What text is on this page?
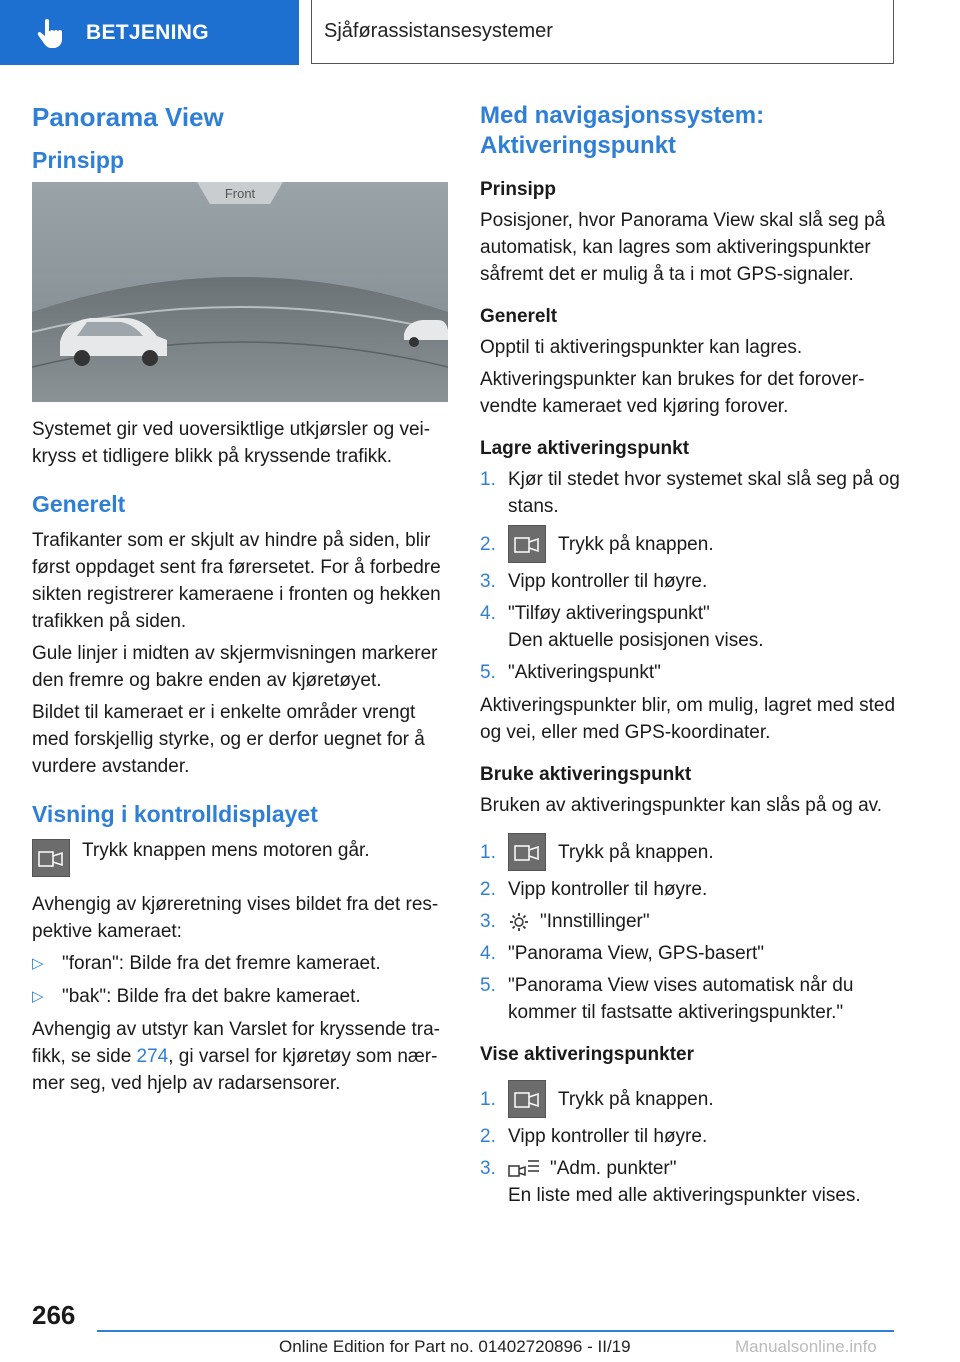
BETJENING	Sjåførassistansesystemer
Panorama View
Prinsipp
Front

Systemet gir ved uoversiktlige utkjørsler og vei-kryss et tidligere blikk på kryssende trafikk.

Generelt

Trafikanter som er skjult av hindre på siden, blir først oppdaget sent fra førersetet. For å forbedre sikten registrerer kameraene i fronten og hekken trafikken på siden.

Gule linjer i midten av skjermvisningen markerer den fremre og bakre enden av kjøretøyet.

Bildet til kameraet er i enkelte områder vrengt med forskjellig styrke, og er derfor uegnet for å vurdere avstander.

Visning i kontrolldisplayet

Trykk knappen mens motoren går.

Avhengig av kjøreretning vises bildet fra det res-pektive kameraet:

▷ "foran": Bilde fra det fremre kameraet.
▷ "bak": Bilde fra det bakre kameraet.

Avhengig av utstyr kan Varslet for kryssende tra-fikk, se side 274, gi varsel for kjøretøy som nær-mer seg, ved hjelp av radarsensorer.

Med navigasjonssystem: Aktiveringspunkt
Prinsipp

Posisjoner, hvor Panorama View skal slå seg på automatisk, kan lagres som aktiveringspunkter såfremt det er mulig å ta i mot GPS-signaler.

Generelt

Opptil ti aktiveringspunkter kan lagres.

Aktiveringspunkter kan brukes for det forover-vendte kameraet ved kjøring forover.

Lagre aktiveringspunkt
1. Kjør til stedet hvor systemet skal slå seg på og stans.
2.	Trykk på knappen.
3. Vipp kontroller til høyre.
4. "Tilføy aktiveringspunkt"
Den aktuelle posisjonen vises.
5. "Aktiveringspunkt"

Aktiveringspunkter blir, om mulig, lagret med sted og vei, eller med GPS-koordinater.

Bruke aktiveringspunkt

Bruken av aktiveringspunkter kan slås på og av.

1.	Trykk på knappen.
2. Vipp kontroller til høyre.
3.	"Innstillinger"
4. "Panorama View, GPS-basert"
5. "Panorama View vises automatisk når du kommer til fastsatte aktiveringspunkter."
Vise aktiveringspunkter
1.	Trykk på knappen.
2. Vipp kontroller til høyre.
3.	"Adm. punkter"
En liste med alle aktiveringspunkter vises.
266
Online Edition for Part no. 01402720896 - II/19	Manualsonline.info
